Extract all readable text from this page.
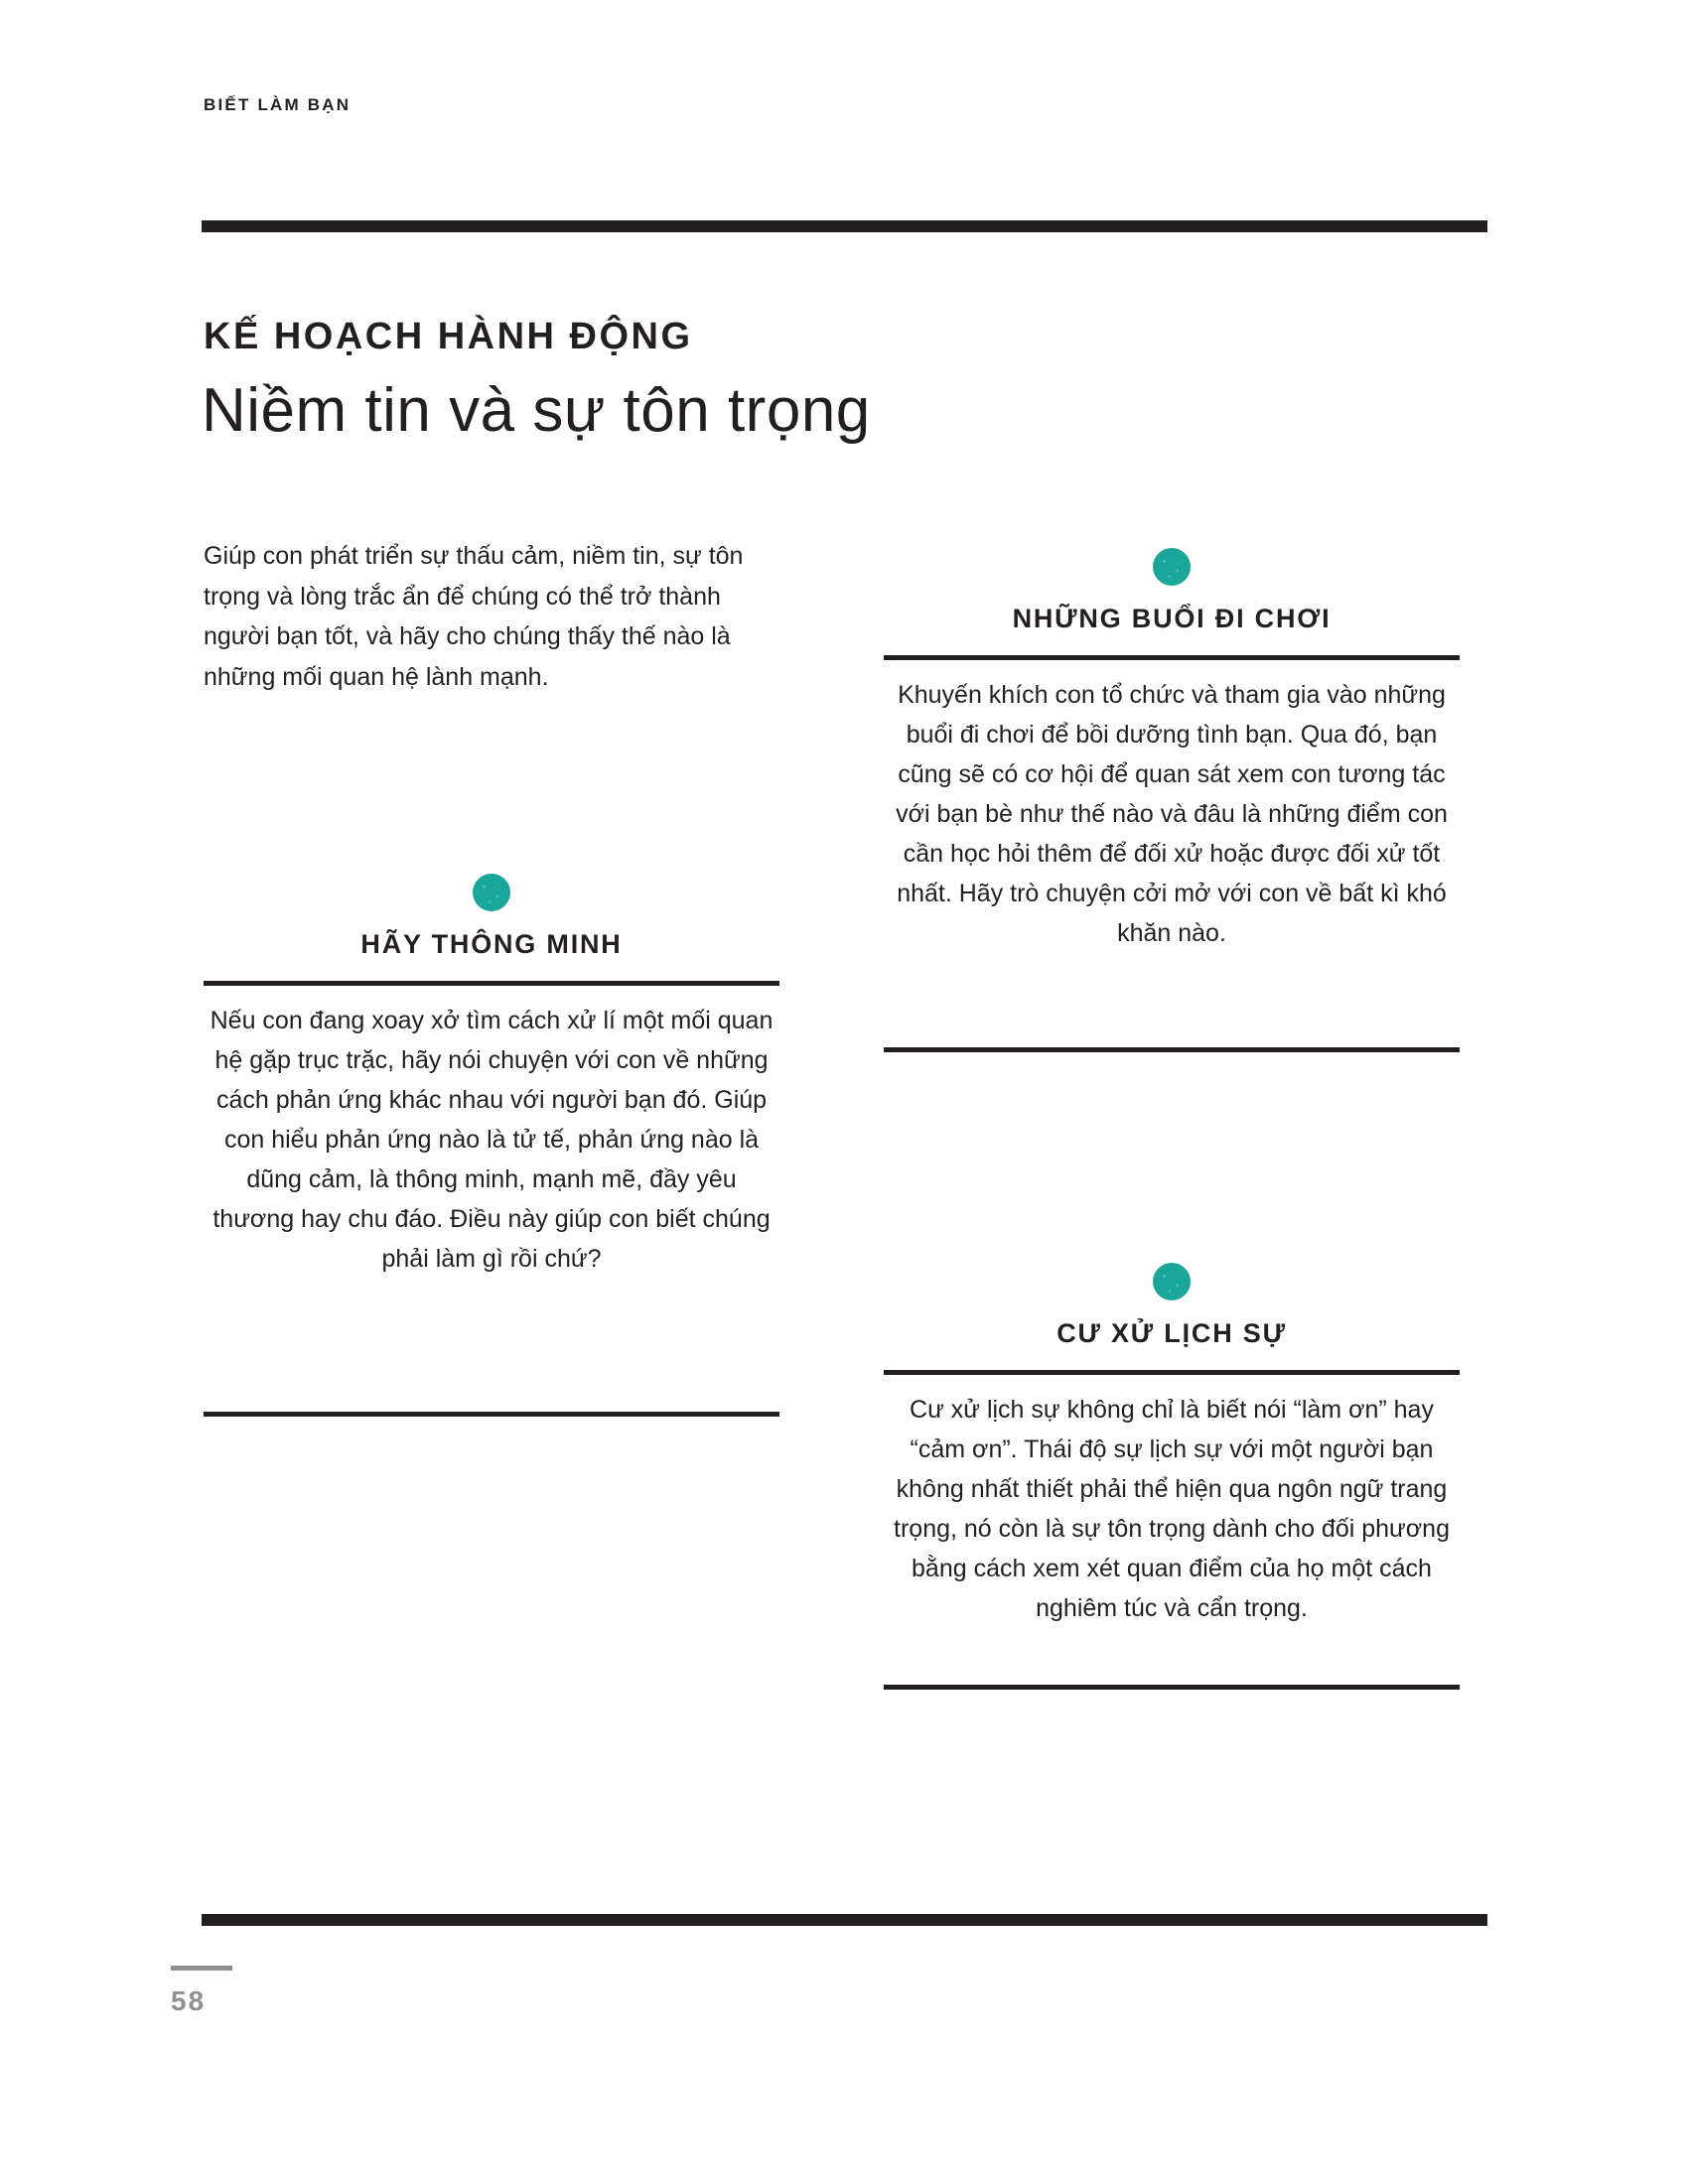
BIẾT LÀM BẠN
KẾ HOẠCH HÀNH ĐỘNG
Niềm tin và sự tôn trọng
Giúp con phát triển sự thấu cảm, niềm tin, sự tôn trọng và lòng trắc ẩn để chúng có thể trở thành người bạn tốt, và hãy cho chúng thấy thế nào là những mối quan hệ lành mạnh.
NHỮNG BUỔI ĐI CHƠI

Khuyến khích con tổ chức và tham gia vào những buổi đi chơi để bồi dưỡng tình bạn. Qua đó, bạn cũng sẽ có cơ hội để quan sát xem con tương tác với bạn bè như thế nào và đâu là những điểm con cần học hỏi thêm để đối xử hoặc được đối xử tốt nhất. Hãy trò chuyện cởi mở với con về bất kì khó khăn nào.

HÃY THÔNG MINH

Nếu con đang xoay xở tìm cách xử lí một mối quan hệ gặp trục trặc, hãy nói chuyện với con về những cách phản ứng khác nhau với người bạn đó. Giúp con hiểu phản ứng nào là tử tế, phản ứng nào là dũng cảm, là thông minh, mạnh mẽ, đầy yêu thương hay chu đáo. Điều này giúp con biết chúng phải làm gì rồi chứ?

CƯ XỬ LỊCH SỰ

Cư xử lịch sự không chỉ là biết nói “làm ơn” hay “cảm ơn”. Thái độ sự lịch sự với một người bạn không nhất thiết phải thể hiện qua ngôn ngữ trang trọng, nó còn là sự tôn trọng dành cho đối phương bằng cách xem xét quan điểm của họ một cách nghiêm túc và cẩn trọng.

58
